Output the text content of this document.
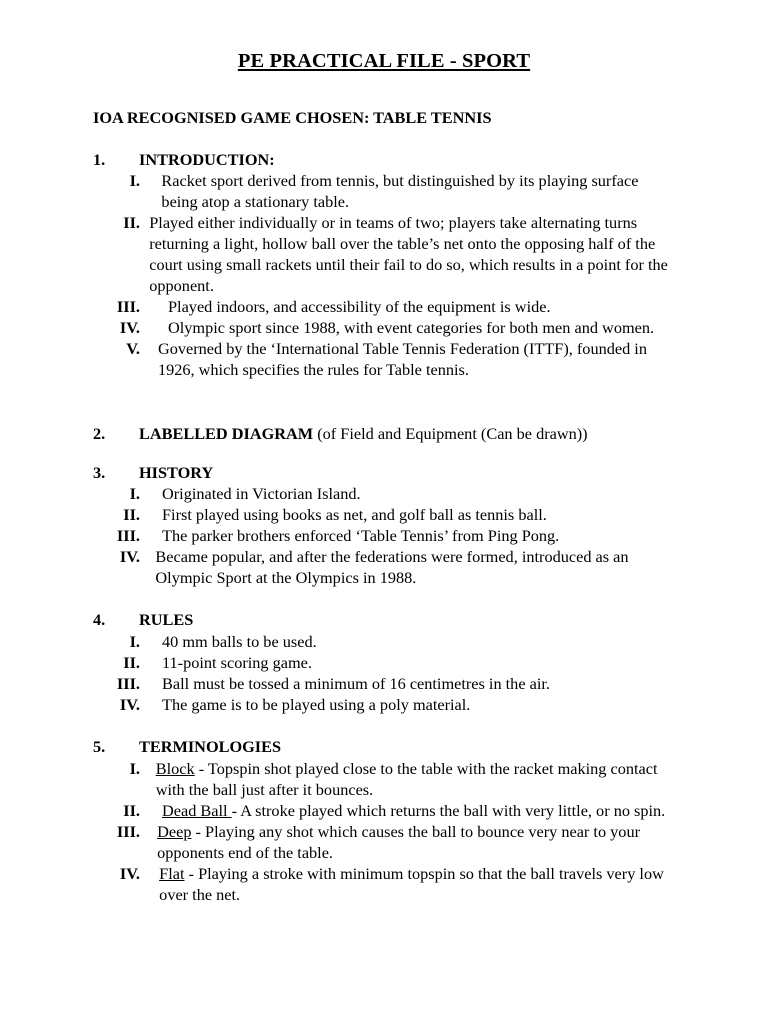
PE PRACTICAL FILE - SPORT
IOA RECOGNISED GAME CHOSEN: TABLE TENNIS
1. INTRODUCTION:
I. Racket sport derived from tennis, but distinguished by its playing surface being atop a stationary table.
II. Played either individually or in teams of two; players take alternating turns returning a light, hollow ball over the table’s net onto the opposing half of the court using small rackets until their fail to do so, which results in a point for the opponent.
III. Played indoors, and accessibility of the equipment is wide.
IV. Olympic sport since 1988, with event categories for both men and women.
V. Governed by the ‘International Table Tennis Federation (ITTF), founded in 1926, which specifies the rules for Table tennis.
2. LABELLED DIAGRAM (of Field and Equipment (Can be drawn))
3. HISTORY
I. Originated in Victorian Island.
II. First played using books as net, and golf ball as tennis ball.
III. The parker brothers enforced ‘Table Tennis’ from Ping Pong.
IV. Became popular, and after the federations were formed, introduced as an Olympic Sport at the Olympics in 1988.
4. RULES
I. 40 mm balls to be used.
II. 11-point scoring game.
III. Ball must be tossed a minimum of 16 centimetres in the air.
IV. The game is to be played using a poly material.
5. TERMINOLOGIES
I. Block - Topspin shot played close to the table with the racket making contact with the ball just after it bounces.
II. Dead Ball - A stroke played which returns the ball with very little, or no spin.
III. Deep - Playing any shot which causes the ball to bounce very near to your opponents end of the table.
IV. Flat - Playing a stroke with minimum topspin so that the ball travels very low over the net.
